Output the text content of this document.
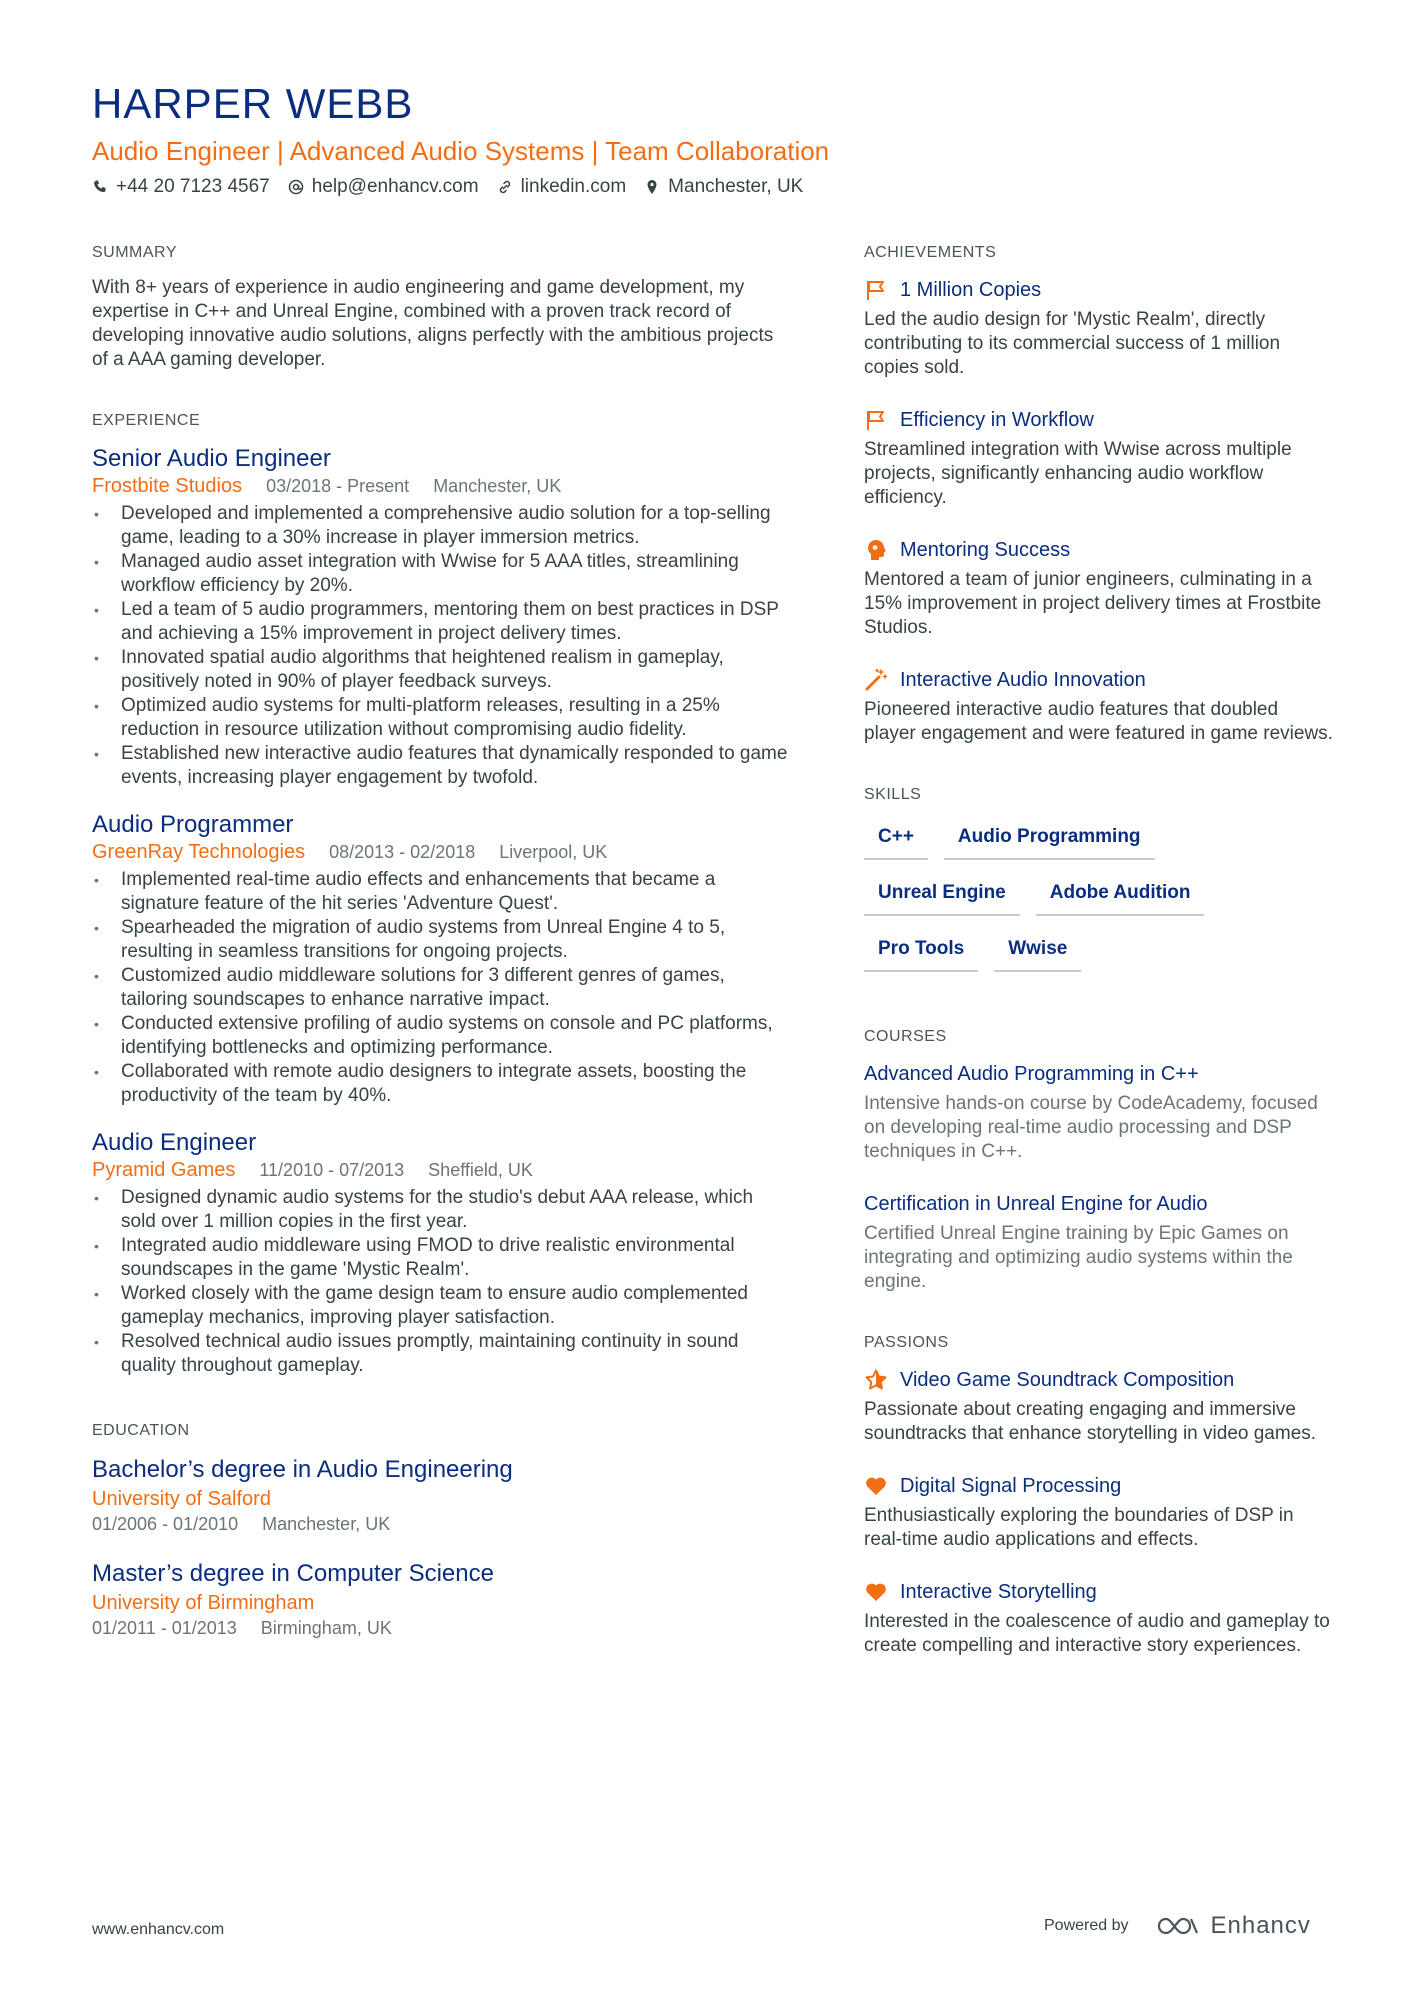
HARPER WEBB
Audio Engineer | Advanced Audio Systems | Team Collaboration
+44 20 7123 4567 help@enhancv.com linkedin.com Manchester, UK
SUMMARY

With 8+ years of experience in audio engineering and game development, my expertise in C++ and Unreal Engine, combined with a proven track record of developing innovative audio solutions, aligns perfectly with the ambitious projects of a AAA gaming developer.

EXPERIENCE
Senior Audio Engineer
Frostbite Studios 03/2018 - Present Manchester, UK
• Developed and implemented a comprehensive audio solution for a top-selling game, leading to a 30% increase in player immersion metrics.
• Managed audio asset integration with Wwise for 5 AAA titles, streamlining workflow efficiency by 20%.
• Led a team of 5 audio programmers, mentoring them on best practices in DSP and achieving a 15% improvement in project delivery times.
• Innovated spatial audio algorithms that heightened realism in gameplay, positively noted in 90% of player feedback surveys.
• Optimized audio systems for multi-platform releases, resulting in a 25% reduction in resource utilization without compromising audio fidelity.
• Established new interactive audio features that dynamically responded to game events, increasing player engagement by twofold.
Audio Programmer
GreenRay Technologies 08/2013 - 02/2018 Liverpool, UK
• Implemented real-time audio effects and enhancements that became a signature feature of the hit series 'Adventure Quest'.
• Spearheaded the migration of audio systems from Unreal Engine 4 to 5, resulting in seamless transitions for ongoing projects.
• Customized audio middleware solutions for 3 different genres of games, tailoring soundscapes to enhance narrative impact.
• Conducted extensive profiling of audio systems on console and PC platforms, identifying bottlenecks and optimizing performance.
• Collaborated with remote audio designers to integrate assets, boosting the productivity of the team by 40%.
Audio Engineer
Pyramid Games 11/2010 - 07/2013 Sheffield, UK
• Designed dynamic audio systems for the studio's debut AAA release, which sold over 1 million copies in the first year.
• Integrated audio middleware using FMOD to drive realistic environmental soundscapes in the game 'Mystic Realm'.
• Worked closely with the game design team to ensure audio complemented gameplay mechanics, improving player satisfaction.
• Resolved technical audio issues promptly, maintaining continuity in sound quality throughout gameplay.
EDUCATION
Bachelor’s degree in Audio Engineering
University of Salford
01/2006 - 01/2010 Manchester, UK
Master’s degree in Computer Science
University of Birmingham
01/2011 - 01/2013 Birmingham, UK
ACHIEVEMENTS
1 Million Copies

Led the audio design for 'Mystic Realm', directly contributing to its commercial success of 1 million copies sold.

Efficiency in Workflow

Streamlined integration with Wwise across multiple projects, significantly enhancing audio workflow efficiency.

Mentoring Success

Mentored a team of junior engineers, culminating in a 15% improvement in project delivery times at Frostbite Studios.

Interactive Audio Innovation

Pioneered interactive audio features that doubled player engagement and were featured in game reviews.

SKILLS
C++	Audio Programming
Unreal Engine	Adobe Audition
Pro Tools	Wwise
COURSES
Advanced Audio Programming in C++

Intensive hands-on course by CodeAcademy, focused on developing real-time audio processing and DSP techniques in C++.

Certification in Unreal Engine for Audio

Certified Unreal Engine training by Epic Games on integrating and optimizing audio systems within the engine.

PASSIONS
Video Game Soundtrack Composition

Passionate about creating engaging and immersive soundtracks that enhance storytelling in video games.

Digital Signal Processing

Enthusiastically exploring the boundaries of DSP in real-time audio applications and effects.

Interactive Storytelling

Interested in the coalescence of audio and gameplay to create compelling and interactive story experiences.

www.enhancv.com	Powered by	Enhancv
